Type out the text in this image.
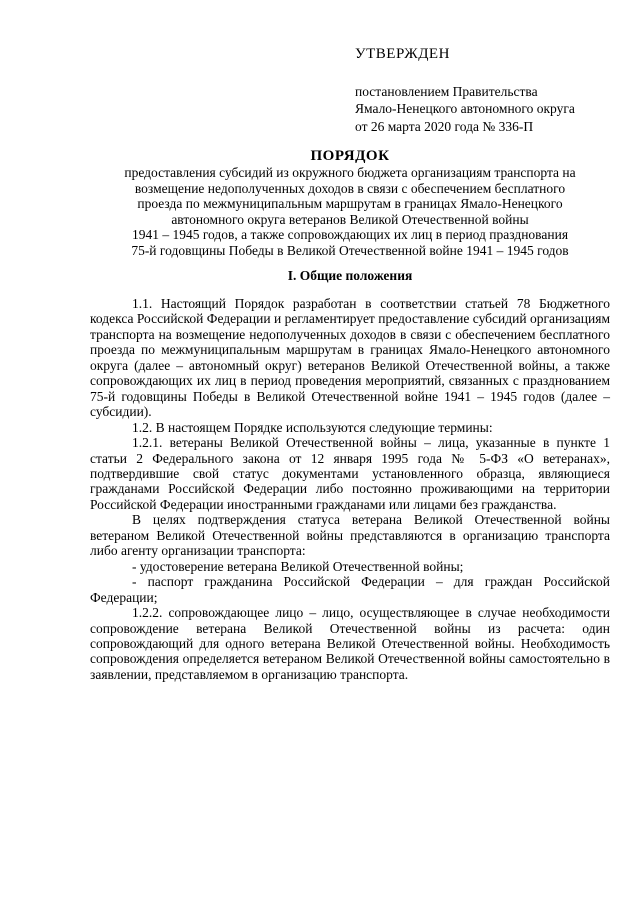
УТВЕРЖДЕН
постановлением Правительства
Ямало-Ненецкого автономного округа
от 26 марта 2020 года № 336-П
ПОРЯДОК
предоставления субсидий из окружного бюджета организациям транспорта на
возмещение недополученных доходов в связи с обеспечением бесплатного
проезда по межмуниципальным маршрутам в границах Ямало-Ненецкого
автономного округа ветеранов Великой Отечественной войны
1941 – 1945 годов, а также сопровождающих их лиц в период празднования
75-й годовщины Победы в Великой Отечественной войне 1941 – 1945 годов
I. Общие положения

1.1. Настоящий Порядок разработан в соответствии статьей 78 Бюджетного кодекса Российской Федерации и регламентирует предоставление субсидий организациям транспорта на возмещение недополученных доходов в связи с обеспечением бесплатного проезда по межмуниципальным маршрутам в границах Ямало-Ненецкого автономного округа (далее – автономный округ) ветеранов Великой Отечественной войны, а также сопровождающих их лиц в период проведения мероприятий, связанных с празднованием 75-й годовщины Победы в Великой Отечественной войне 1941 – 1945 годов (далее – субсидии).

1.2. В настоящем Порядке используются следующие термины:

1.2.1. ветераны Великой Отечественной войны – лица, указанные в пункте 1 статьи 2 Федерального закона от 12 января 1995 года № 5-ФЗ «О ветеранах», подтвердившие свой статус документами установленного образца, являющиеся гражданами Российской Федерации либо постоянно проживающими на территории Российской Федерации иностранными гражданами или лицами без гражданства.

В целях подтверждения статуса ветерана Великой Отечественной войны ветераном Великой Отечественной войны представляются в организацию транспорта либо агенту организации транспорта:

- удостоверение ветерана Великой Отечественной войны;

- паспорт гражданина Российской Федерации – для граждан Российской Федерации;

1.2.2. сопровождающее лицо – лицо, осуществляющее в случае необходимости сопровождение ветерана Великой Отечественной войны из расчета: один сопровождающий для одного ветерана Великой Отечественной войны. Необходимость сопровождения определяется ветераном Великой Отечественной войны самостоятельно в заявлении, представляемом в организацию транспорта.
